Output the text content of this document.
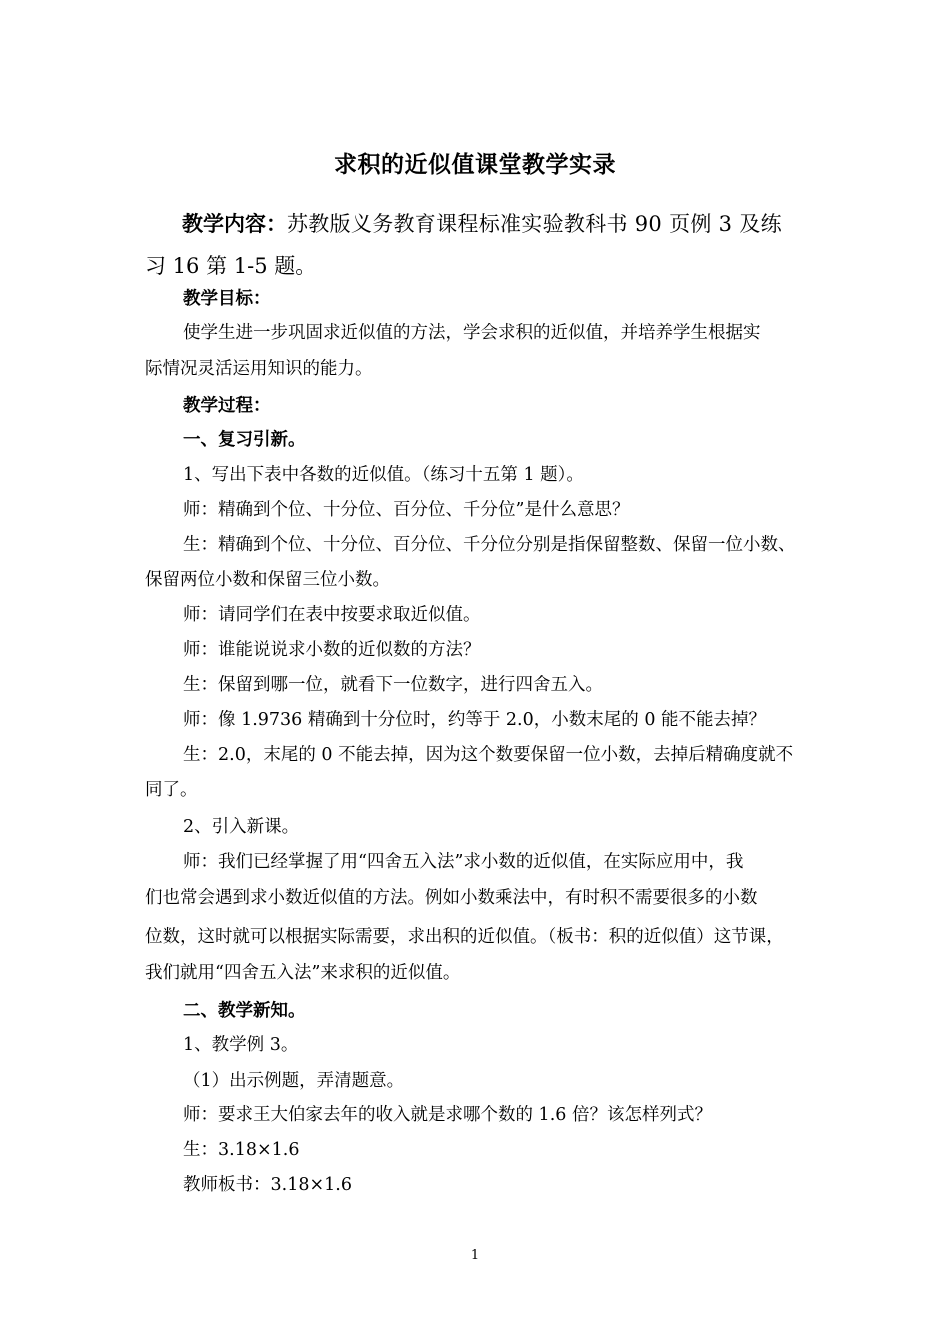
求积的近似值课堂教学实录
教学内容： 苏教版义务教育课程标准实验教科书 90 页例 3 及练
习 16 第 1-5 题。
教学目标：
使学生进一步巩固求近似值的方法，学会求积的近似值，并培养学生根据实
际情况灵活运用知识的能力。
教学过程：
一、复习引新。
1、写出下表中各数的近似值。（练习十五第 1 题）。
师：精确到个位、十分位、百分位、千分位”是什么意思？
生：精确到个位、十分位、百分位、千分位分别是指保留整数、保留一位小数、
保留两位小数和保留三位小数。
师：请同学们在表中按要求取近似值。
师：谁能说说求小数的近似数的方法？
生：保留到哪一位，就看下一位数字，进行四舍五入。
师：像 1.9736 精确到十分位时，约等于 2.0，小数末尾的 0 能不能去掉？
生：2.0，末尾的 0 不能去掉，因为这个数要保留一位小数，去掉后精确度就不
同了。
2、引入新课。
师：我们已经掌握了用“四舍五入法”求小数的近似值，在实际应用中，我
们也常会遇到求小数近似值的方法。例如小数乘法中，有时积不需要很多的小数
位数，这时就可以根据实际需要，求出积的近似值。（板书：积的近似值）这节课，
我们就用“四舍五入法”来求积的近似值。
二、教学新知。
1、教学例 3。
（1）出示例题，弄清题意。
师：要求王大伯家去年的收入就是求哪个数的 1.6 倍？该怎样列式？
生：3.18×1.6
教师板书：3.18×1.6
1
